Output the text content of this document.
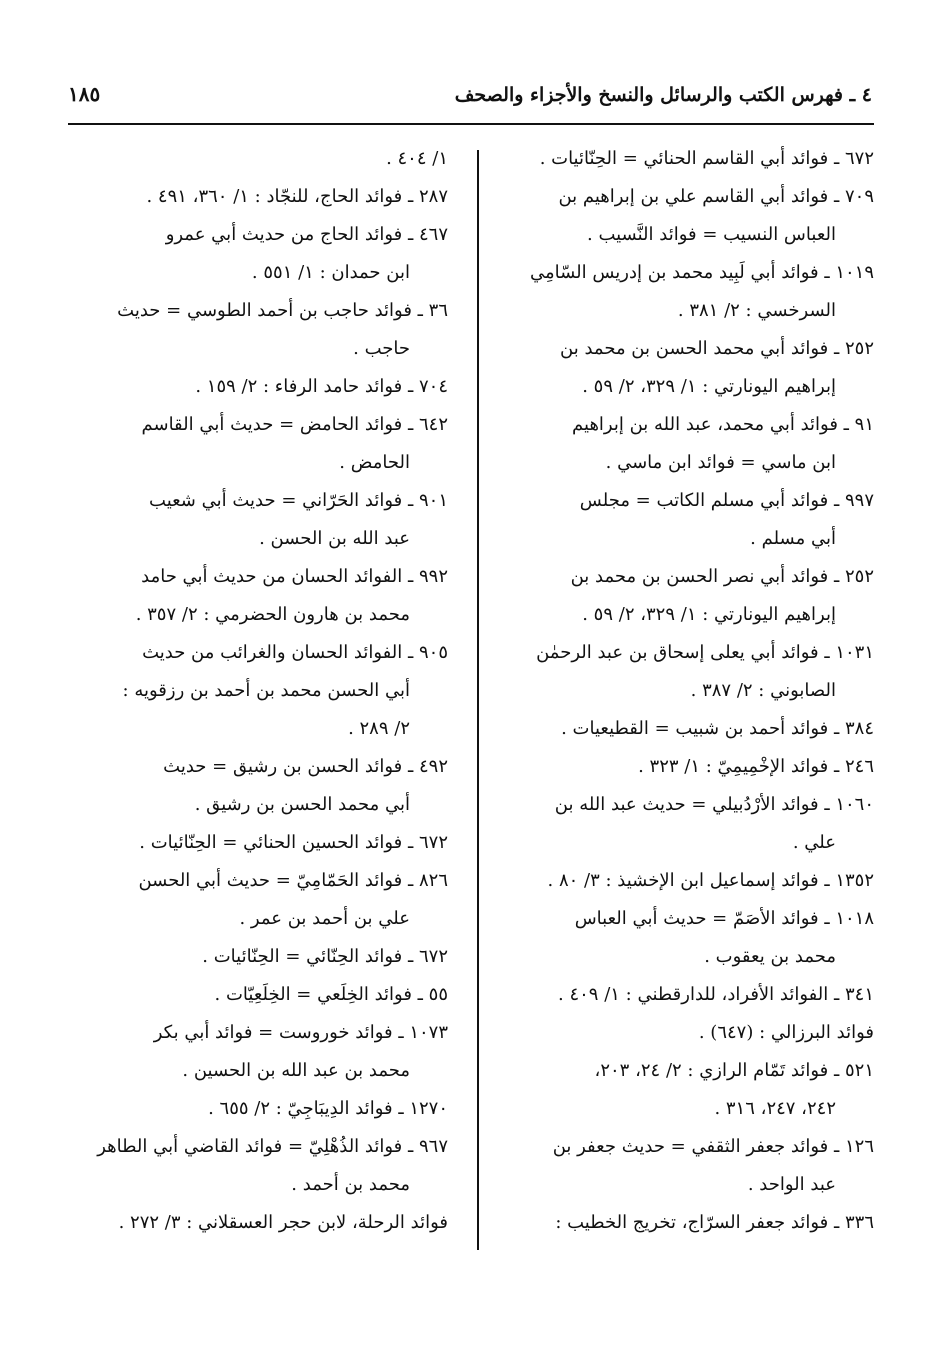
٤ ـ فهرس الكتب والرسائل والنسخ والأجزاء والصحف
١٨٥
٦٧٢ ـ فوائد أبي القاسم الحنائي = الحِنّائيات .
٧٠٩ ـ فوائد أبي القاسم علي بن إبراهيم بن
العباس النسيب = فوائد النَّسيب .
١٠١٩ ـ فوائد أبي لَبِيد محمد بن إدريس السّامِي
السرخسي : ٢/ ٣٨١ .
٢٥٢ ـ فوائد أبي محمد الحسن بن محمد بن
إبراهيم اليونارتي : ١/ ٣٢٩، ٢/ ٥٩ .
٩١ ـ فوائد أبي محمد، عبد الله بن إبراهيم
ابن ماسي = فوائد ابن ماسي .
٩٩٧ ـ فوائد أبي مسلم الكاتب = مجلس
أبي مسلم .
٢٥٢ ـ فوائد أبي نصر الحسن بن محمد بن
إبراهيم اليونارتي : ١/ ٣٢٩، ٢/ ٥٩ .
١٠٣١ ـ فوائد أبي يعلى إسحاق بن عبد الرحمٰن
الصابوني : ٢/ ٣٨٧ .
٣٨٤ ـ فوائد أحمد بن شبيب = القطيعيات .
٢٤٦ ـ فوائد الإخْمِيمِيّ : ١/ ٣٢٣ .
١٠٦٠ ـ فوائد الأرْدُبيلي = حديث عبد الله بن
علي .
١٣٥٢ ـ فوائد إسماعيل ابن الإخشيذ : ٣/ ٨٠ .
١٠١٨ ـ فوائد الأصَمّ = حديث أبي العباس
محمد بن يعقوب .
٣٤١ ـ الفوائد الأفراد، للدارقطني : ١/ ٤٠٩ .
فوائد البرزالي : (٦٤٧) .
٥٢١ ـ فوائد تَمّام الرازي : ٢/ ٢٤، ٢٠٣،
٢٤٢، ٢٤٧، ٣١٦ .
١٢٦ ـ فوائد جعفر الثقفي = حديث جعفر بن
عبد الواحد .
٣٣٦ ـ فوائد جعفر السرّاج، تخريج الخطيب :
١/ ٤٠٤ .
٢٨٧ ـ فوائد الحاج، للنجّاد : ١/ ٣٦٠، ٤٩١ .
٤٦٧ ـ فوائد الحاج من حديث أبي عمرو
ابن حمدان : ١/ ٥٥١ .
٣٦ ـ فوائد حاجب بن أحمد الطوسي = حديث
حاجب .
٧٠٤ ـ فوائد حامد الرفاء : ٢/ ١٥٩ .
٦٤٢ ـ فوائد الحامض = حديث أبي القاسم
الحامض .
٩٠١ ـ فوائد الحَرّاني = حديث أبي شعيب
عبد الله بن الحسن .
٩٩٢ ـ الفوائد الحسان من حديث أبي حامد
محمد بن هارون الحضرمي : ٢/ ٣٥٧ .
٩٠٥ ـ الفوائد الحسان والغرائب من حديث
أبي الحسن محمد بن أحمد بن رزقويه :
٢/ ٢٨٩ .
٤٩٢ ـ فوائد الحسن بن رشيق = حديث
أبي محمد الحسن بن رشيق .
٦٧٢ ـ فوائد الحسين الحنائي = الحِنّائيات .
٨٢٦ ـ فوائد الحَمّامِيّ = حديث أبي الحسن
علي بن أحمد بن عمر .
٦٧٢ ـ فوائد الحِنّائي = الحِنّائيات .
٥٥ ـ فوائد الخِلَعي = الخِلَعِيّات .
١٠٧٣ ـ فوائد خوروست = فوائد أبي بكر
محمد بن عبد الله بن الحسين .
١٢٧٠ ـ فوائد الدِيبَاجِيّ : ٢/ ٦٥٥ .
٩٦٧ ـ فوائد الذُهْلِيّ = فوائد القاضي أبي الطاهر
محمد بن أحمد .
فوائد الرحلة، لابن حجر العسقلاني : ٣/ ٢٧٢ .
